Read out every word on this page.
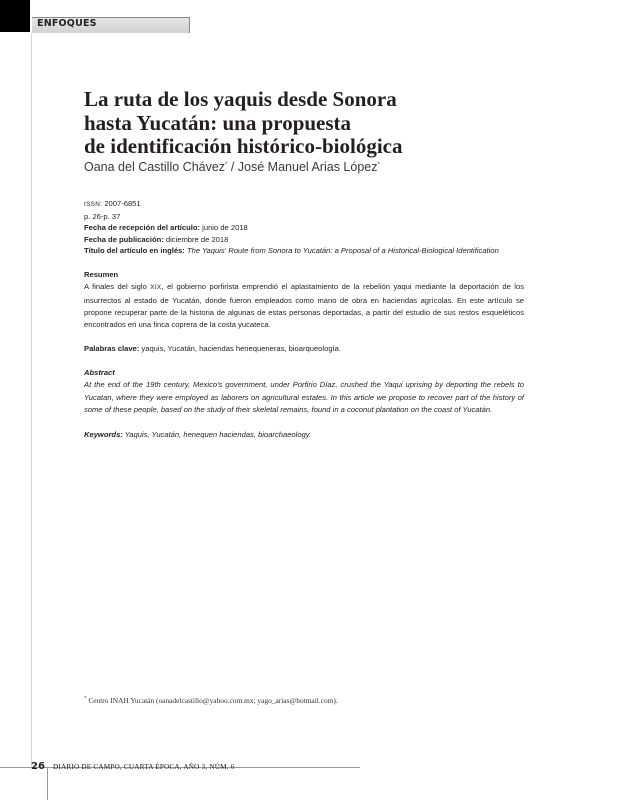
ENFOQUES
La ruta de los yaquis desde Sonora
hasta Yucatán: una propuesta
de identificación histórico-biológica
Oana del Castillo Chávez* / José Manuel Arias López*
ISSN: 2007-6851
p. 26-p. 37
Fecha de recepción del artículo: junio de 2018
Fecha de publicación: diciembre de 2018
Título del artículo en inglés: The Yaquis' Route from Sonora to Yucatán: a Proposal of a Historical-Biological Identification
Resumen

A finales del siglo XIX, el gobierno porfirista emprendió el aplastamiento de la rebelión yaqui mediante la deportación de los insurrectos al estado de Yucatán, donde fueron empleados como mano de obra en haciendas agrícolas. En este artículo se propone recuperar parte de la historia de algunas de estas personas deportadas, a partir del estudio de sus restos esqueléticos encontrados en una finca coprera de la costa yucateca.

Palabras clave: yaquis, Yucatán, haciendas henequeneras, bioarqueología.
Abstract

At the end of the 19th century, Mexico's government, under Porfirio Díaz, crushed the Yaqui uprising by deporting the rebels to Yucatan, where they were employed as laborers on agricultural estates. In this article we propose to recover part of the history of some of these people, based on the study of their skeletal remains, found in a coconut plantation on the coast of Yucatán.

Keywords: Yaquis, Yucatán, henequen haciendas, bioarchaeology.
* Centro INAH Yucatán (oanadelcastillo@yahoo.com.mx; yago_arias@hotmail.com).
26 DIARIO DE CAMPO, CUARTA ÉPOCA, AÑO 3, NÚM. 6
